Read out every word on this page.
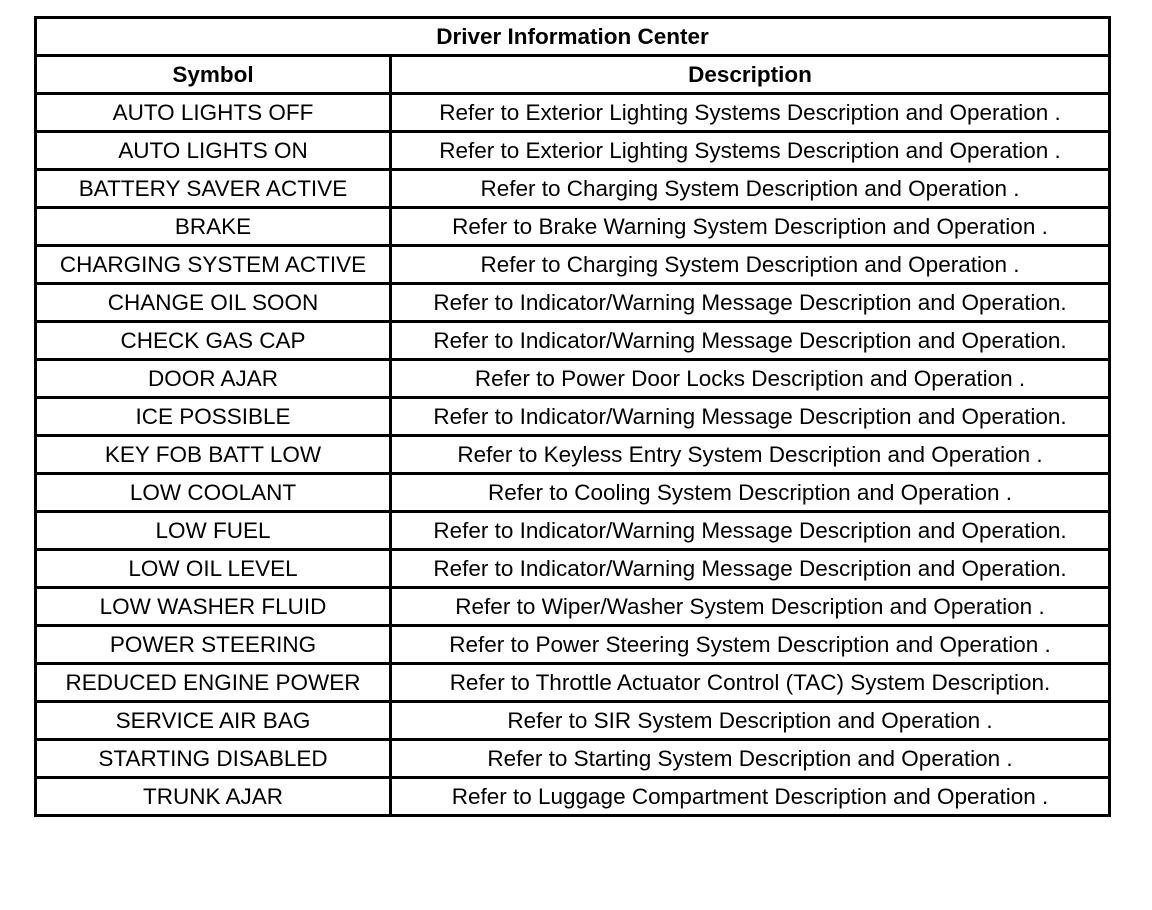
Driver Information Center	
Symbol	Description
AUTO LIGHTS OFF	Refer to Exterior Lighting Systems Description and Operation .
AUTO LIGHTS ON	Refer to Exterior Lighting Systems Description and Operation .
BATTERY SAVER ACTIVE	Refer to Charging System Description and Operation .
BRAKE	Refer to Brake Warning System Description and Operation .
CHARGING SYSTEM ACTIVE	Refer to Charging System Description and Operation .
CHANGE OIL SOON	Refer to Indicator/Warning Message Description and Operation.
CHECK GAS CAP	Refer to Indicator/Warning Message Description and Operation.
DOOR AJAR	Refer to Power Door Locks Description and Operation .
ICE POSSIBLE	Refer to Indicator/Warning Message Description and Operation.
KEY FOB BATT LOW	Refer to Keyless Entry System Description and Operation .
LOW COOLANT	Refer to Cooling System Description and Operation .
LOW FUEL	Refer to Indicator/Warning Message Description and Operation.
LOW OIL LEVEL	Refer to Indicator/Warning Message Description and Operation.
LOW WASHER FLUID	Refer to Wiper/Washer System Description and Operation .
POWER STEERING	Refer to Power Steering System Description and Operation .
REDUCED ENGINE POWER	Refer to Throttle Actuator Control (TAC) System Description.
SERVICE AIR BAG	Refer to SIR System Description and Operation .
STARTING DISABLED	Refer to Starting System Description and Operation .
TRUNK AJAR	Refer to Luggage Compartment Description and Operation .
